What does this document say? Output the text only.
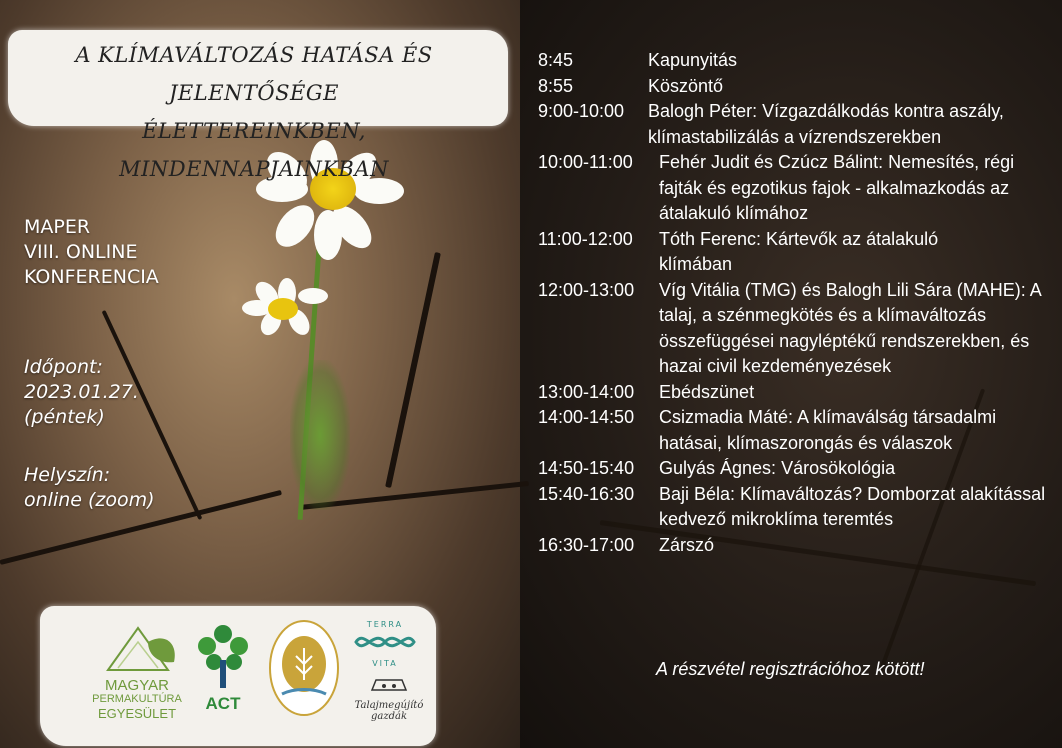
A KLÍMAVÁLTOZÁS HATÁSA ÉS JELENTŐSÉGE
ÉLETTEREINKBEN, MINDENNAPJAINKBAN
MAPER
VIII. ONLINE
KONFERENCIA
Időpont:
2023.01.27.
(péntek)
Helyszín:
online (zoom)
8:45	Kapunyitás
8:55	Köszöntő
9:00-10:00	Balogh Péter: Vízgazdálkodás kontra aszály, klímastabilizálás a vízrendszerekben
10:00-11:00	Fehér Judit és Czúcz Bálint: Nemesítés, régi fajták és egzotikus fajok - alkalmazkodás az átalakuló klímához
11:00-12:00	Tóth Ferenc: Kártevők az átalakuló klímában
12:00-13:00	Víg Vitália (TMG) és Balogh Lili Sára (MAHE): A talaj, a szénmegkötés és a klímaváltozás összefüggései nagyléptékű rendszerekben, és hazai civil kezdeményezések
13:00-14:00	Ebédszünet
14:00-14:50	Csizmadia Máté: A klímaválság társadalmi hatásai, klímaszorongás és válaszok
14:50-15:40	Gulyás Ágnes: Városökológia
15:40-16:30	Baji Béla: Klímaváltozás? Domborzat alakítással kedvező mikroklíma teremtés
16:30-17:00	Zárszó
A részvétel regisztrációhoz kötött!
MAGYAR
PERMAKULTÚRA
EGYESÜLET
ACT
TERRA
VITA
Talajmegújító gazdák
